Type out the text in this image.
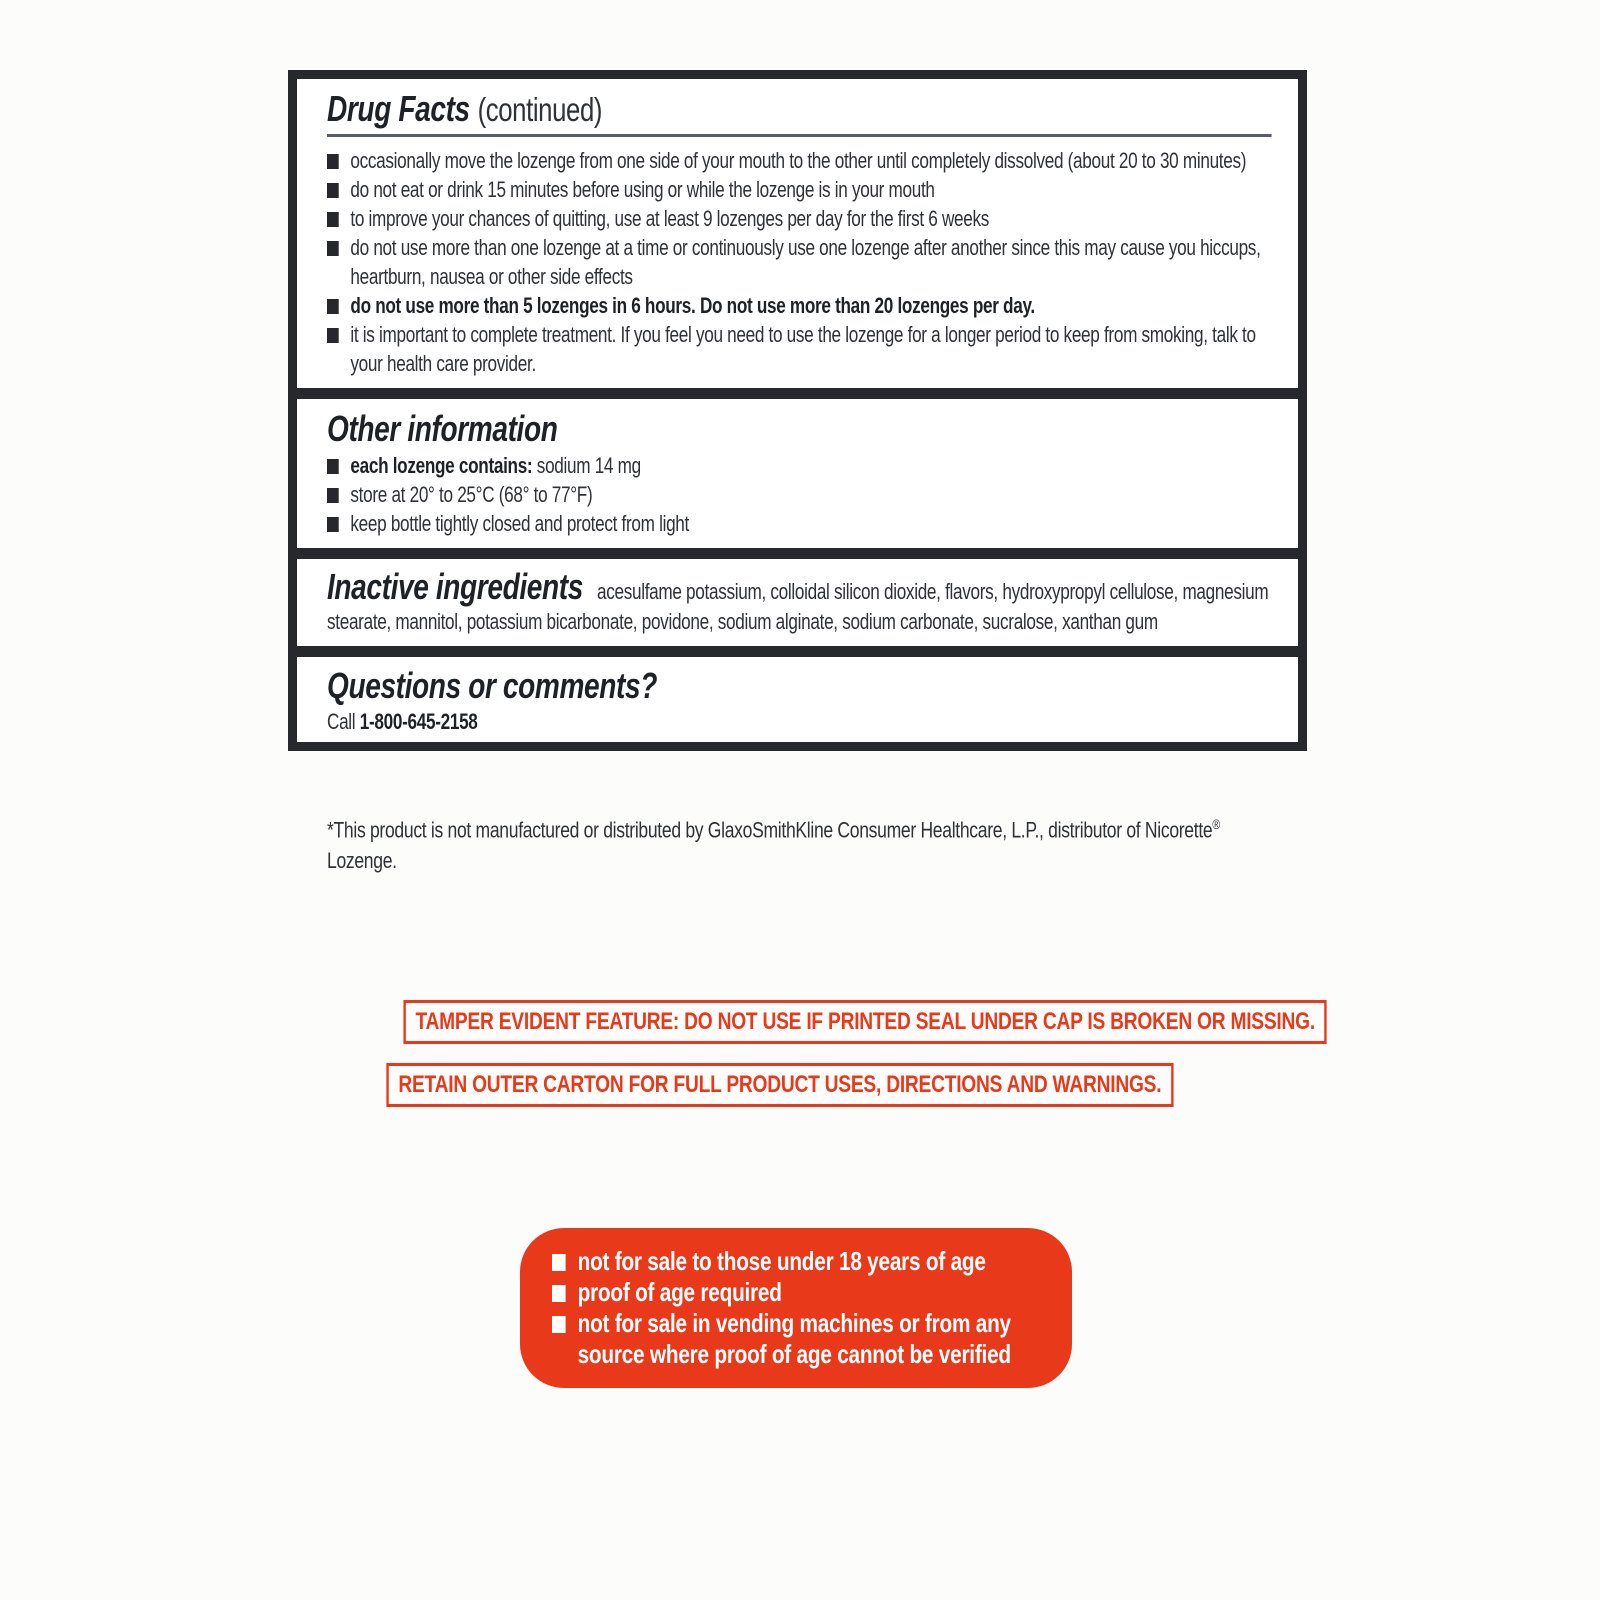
Drug Facts (continued)
occasionally move the lozenge from one side of your mouth to the other until completely dissolved (about 20 to 30 minutes)
do not eat or drink 15 minutes before using or while the lozenge is in your mouth
to improve your chances of quitting, use at least 9 lozenges per day for the first 6 weeks
do not use more than one lozenge at a time or continuously use one lozenge after another since this may cause you hiccups, heartburn, nausea or other side effects
do not use more than 5 lozenges in 6 hours. Do not use more than 20 lozenges per day.
it is important to complete treatment. If you feel you need to use the lozenge for a longer period to keep from smoking, talk to your health care provider.
Other information
each lozenge contains: sodium 14 mg
store at 20° to 25°C (68° to 77°F)
keep bottle tightly closed and protect from light

Inactive ingredients acesulfame potassium, colloidal silicon dioxide, flavors, hydroxypropyl cellulose, magnesium stearate, mannitol, potassium bicarbonate, povidone, sodium alginate, sodium carbonate, sucralose, xanthan gum

Questions or comments?
Call 1-800-645-2158

*This product is not manufactured or distributed by GlaxoSmithKline Consumer Healthcare, L.P., distributor of Nicorette® Lozenge.

TAMPER EVIDENT FEATURE: DO NOT USE IF PRINTED SEAL UNDER CAP IS BROKEN OR MISSING.
RETAIN OUTER CARTON FOR FULL PRODUCT USES, DIRECTIONS AND WARNINGS.
not for sale to those under 18 years of age
proof of age required
not for sale in vending machines or from any source where proof of age cannot be verified
